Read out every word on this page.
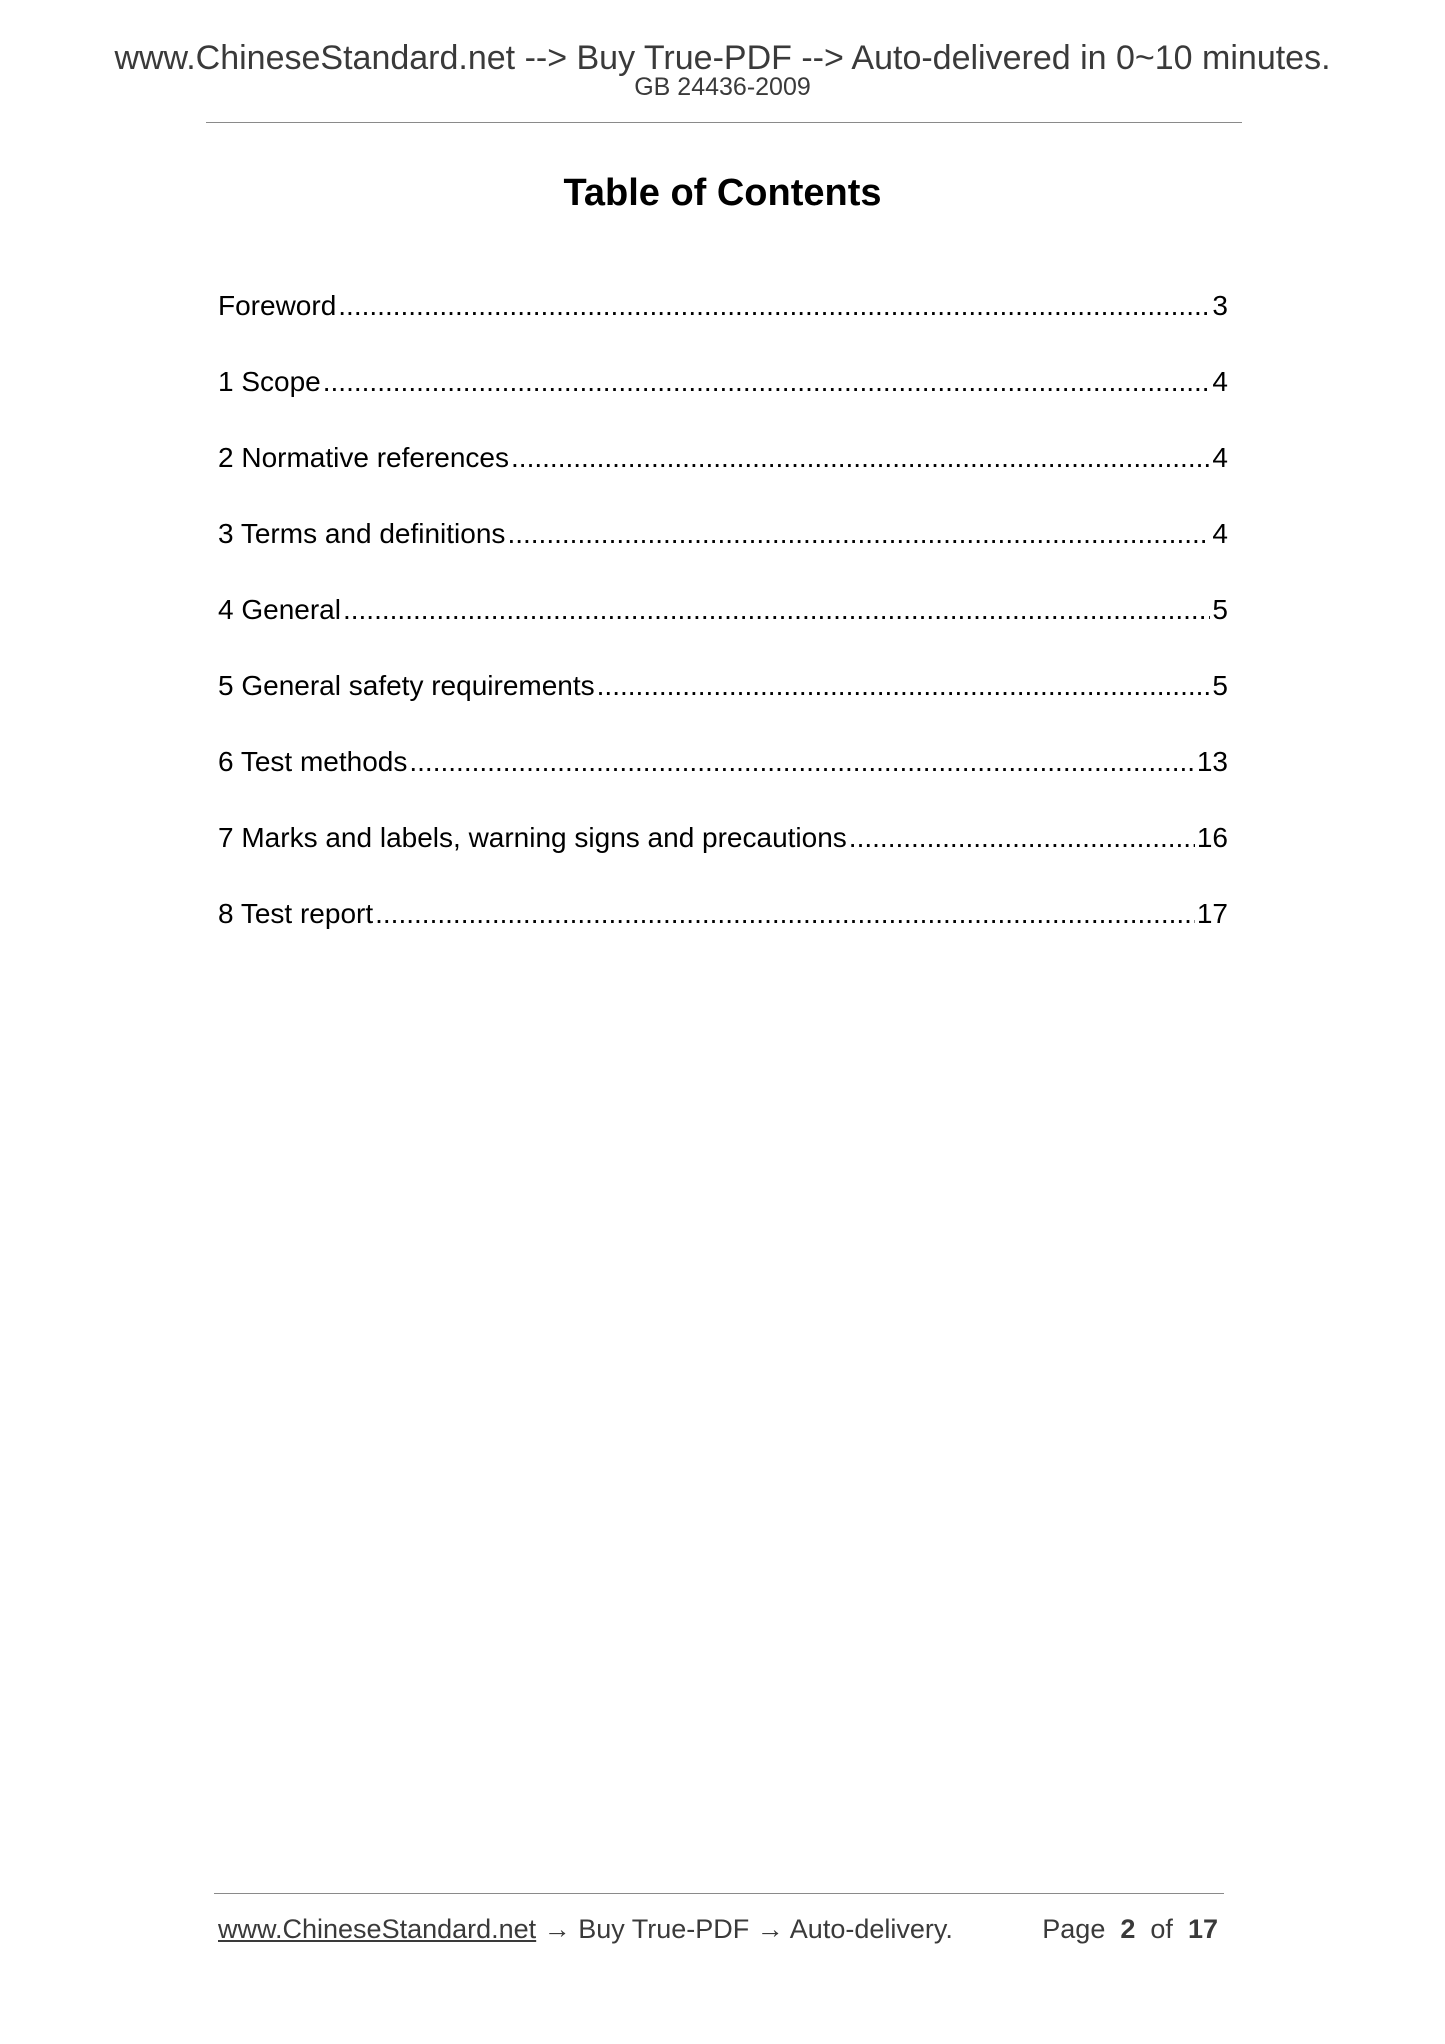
www.ChineseStandard.net --> Buy True-PDF --> Auto-delivered in 0~10 minutes.
GB 24436-2009
Table of Contents
Foreword .....	3
1 Scope .....	4
2 Normative references .....	4
3 Terms and definitions .....	4
4 General .....	5
5 General safety requirements .....	5
6 Test methods .....	13
7 Marks and labels, warning signs and precautions .....	16
8 Test report .....	17
www.ChineseStandard.net → Buy True-PDF → Auto-delivery.	Page 2 of 17
